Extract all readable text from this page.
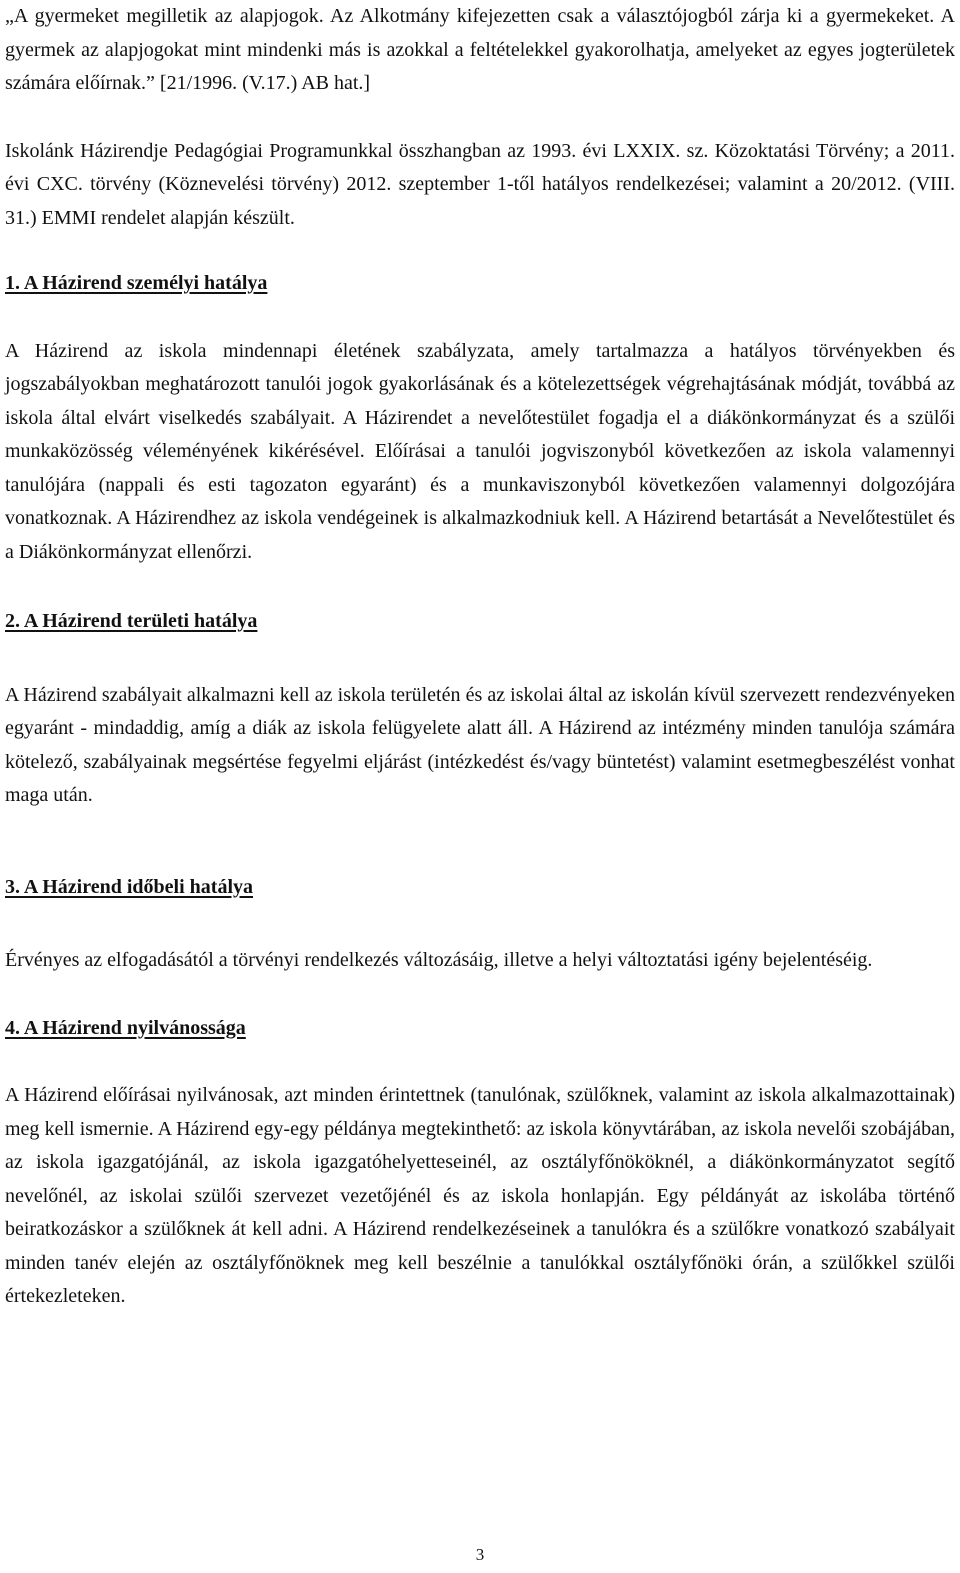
„A gyermeket megilletik az alapjogok. Az Alkotmány kifejezetten csak a választójogból zárja ki a gyermekeket. A gyermek az alapjogokat mint mindenki más is azokkal a feltételekkel gyakorolhatja, amelyeket az egyes jogterületek számára előírnak.” [21/1996. (V.17.) AB hat.]

Iskolánk Házirendje Pedagógiai Programunkkal összhangban az 1993. évi LXXIX. sz. Közoktatási Törvény; a 2011. évi CXC. törvény (Köznevelési törvény) 2012. szeptember 1-től hatályos rendelkezései; valamint a 20/2012. (VIII. 31.) EMMI rendelet alapján készült.

1. A Házirend személyi hatálya

A Házirend az iskola mindennapi életének szabályzata, amely tartalmazza a hatályos törvényekben és jogszabályokban meghatározott tanulói jogok gyakorlásának és a kötelezettségek végrehajtásának módját, továbbá az iskola által elvárt viselkedés szabályait. A Házirendet a nevelőtestület fogadja el a diákönkormányzat és a szülői munkaközösség véleményének kikérésével. Előírásai a tanulói jogviszonyból következően az iskola valamennyi tanulójára (nappali és esti tagozaton egyaránt) és a munkaviszonyból következően valamennyi dolgozójára vonatkoznak. A Házirendhez az iskola vendégeinek is alkalmazkodniuk kell. A Házirend betartását a Nevelőtestület és a Diákönkormányzat ellenőrzi.

2. A Házirend területi hatálya

A Házirend szabályait alkalmazni kell az iskola területén és az iskolai által az iskolán kívül szervezett rendezvényeken egyaránt - mindaddig, amíg a diák az iskola felügyelete alatt áll. A Házirend az intézmény minden tanulója számára kötelező, szabályainak megsértése fegyelmi eljárást (intézkedést és/vagy büntetést) valamint esetmegbeszélést vonhat maga után.

3. A Házirend időbeli hatálya

Érvényes az elfogadásától a törvényi rendelkezés változásáig, illetve a helyi változtatási igény bejelentéséig.

4. A Házirend nyilvánossága

A Házirend előírásai nyilvánosak, azt minden érintettnek (tanulónak, szülőknek, valamint az iskola alkalmazottainak) meg kell ismernie. A Házirend egy-egy példánya megtekinthető: az iskola könyvtárában, az iskola nevelői szobájában, az iskola igazgatójánál, az iskola igazgatóhelyetteseinél, az osztályfőnököknél, a diákönkormányzatot segítő nevelőnél, az iskolai szülői szervezet vezetőjénél és az iskola honlapján. Egy példányát az iskolába történő beiratkozáskor a szülőknek át kell adni. A Házirend rendelkezéseinek a tanulókra és a szülőkre vonatkozó szabályait minden tanév elején az osztályfőnöknek meg kell beszélnie a tanulókkal osztályfőnöki órán, a szülőkkel szülői értekezleteken.

3
